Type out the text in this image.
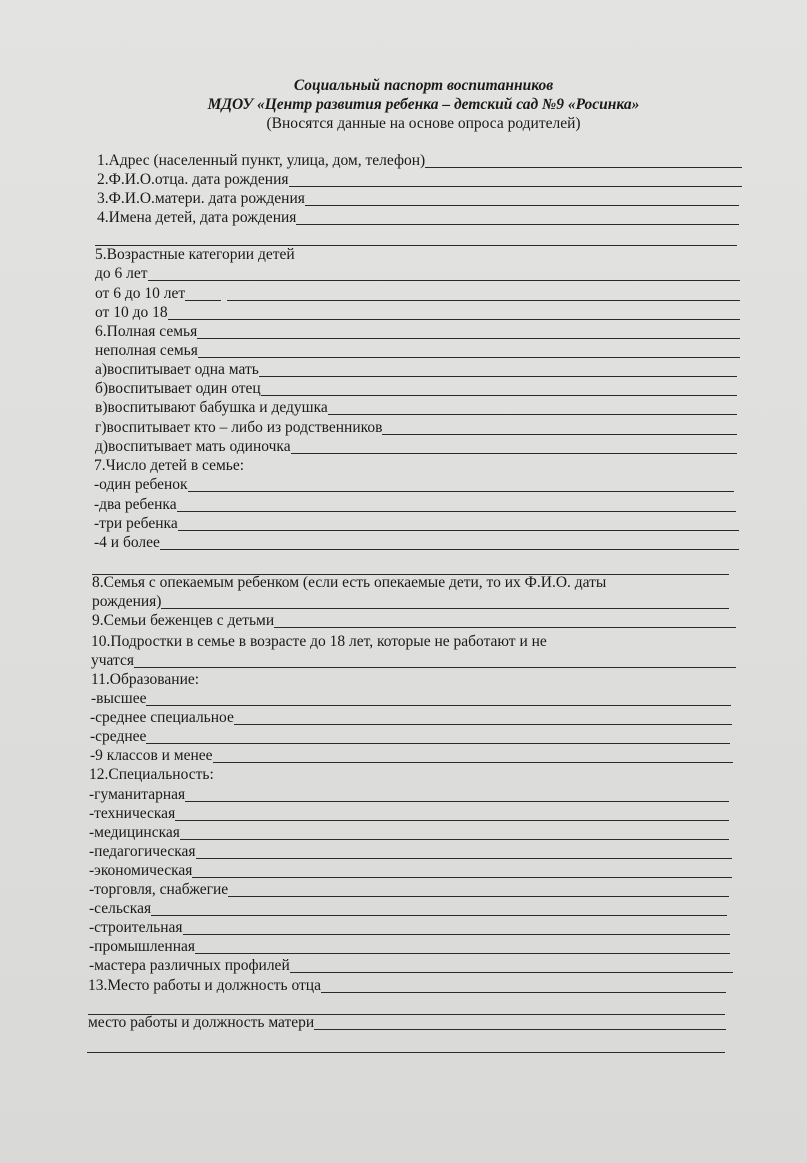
Социальный паспорт воспитанников
МДОУ «Центр развития ребенка – детский сад №9 «Росинка»
(Вносятся данные на основе опроса родителей)
1.Адрес (населенный пункт, улица, дом, телефон)
2.Ф.И.О.отца. дата рождения
3.Ф.И.О.матери. дата рождения
4.Имена детей, дата рождения
5.Возрастные категории детей
до 6 лет
от 6 до 10 лет
от 10 до 18
6.Полная семья
неполная семья
а)воспитывает одна мать
б)воспитывает один отец
в)воспитывают бабушка и дедушка
г)воспитывает кто – либо из родственников
д)воспитывает мать одиночка
7.Число детей в семье:
-один ребенок
-два ребенка
-три ребенка
-4 и более
8.Семья с опекаемым ребенком (если есть опекаемые дети, то их Ф.И.О. даты
рождения)
9.Семьи беженцев с детьми
10.Подростки в семье в возрасте до 18 лет, которые не работают и не
учатся
11.Образование:
-высшее
-среднее специальное
-среднее
-9 классов и менее
12.Специальность:
-гуманитарная
-техническая
-медицинская
-педагогическая
-экономическая
-торговля, снабжегие
-сельская
-строительная
-промышленная
-мастера различных профилей
13.Место работы и должность отца
место работы и должность матери
